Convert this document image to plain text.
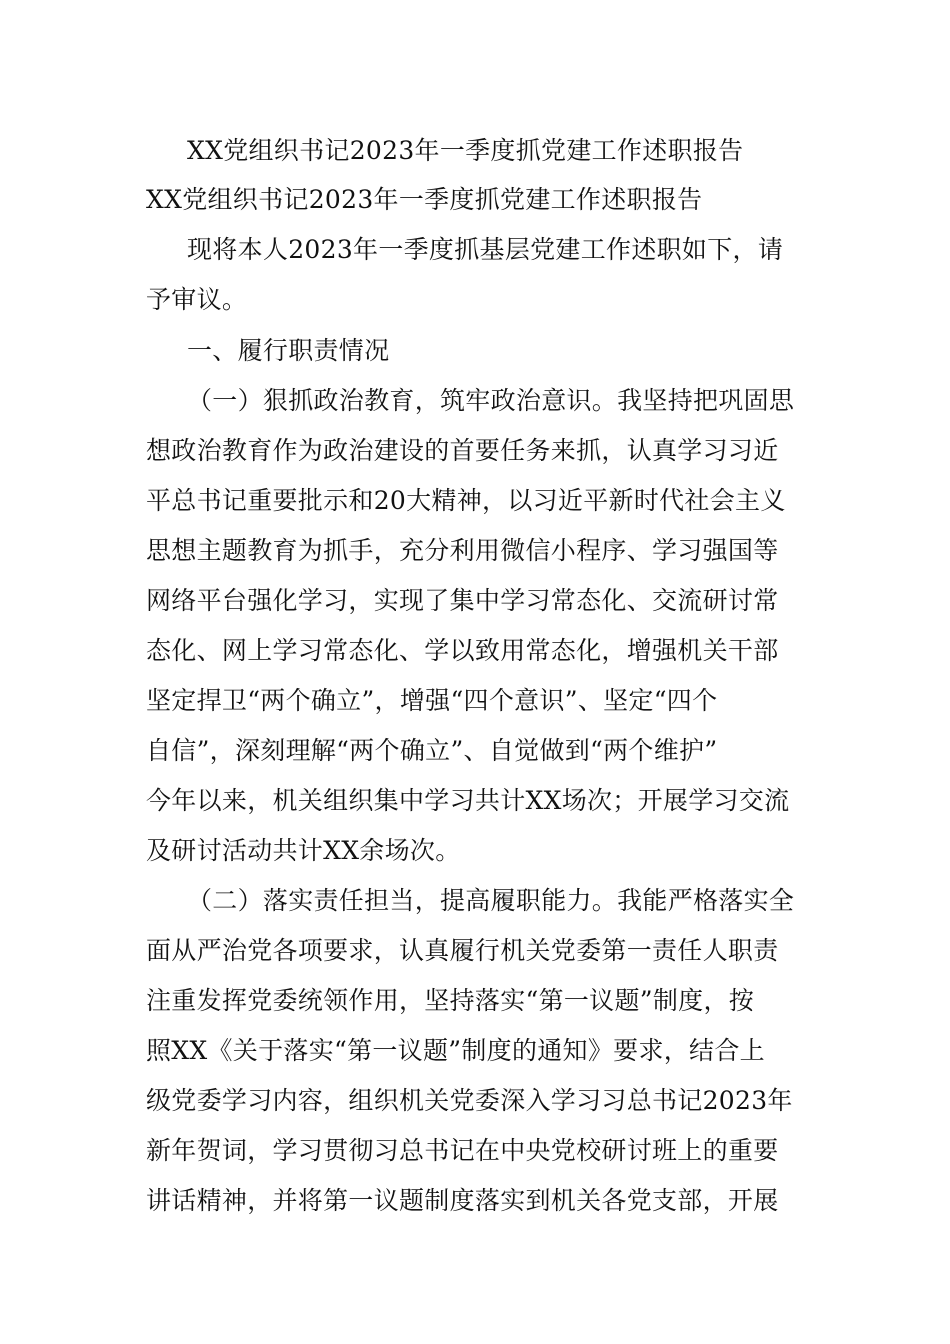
XX党组织书记2023年一季度抓党建工作述职报告
XX党组织书记2023年一季度抓党建工作述职报告
现将本人2023年一季度抓基层党建工作述职如下，请
予审议。
一、履行职责情况
（一）狠抓政治教育，筑牢政治意识。我坚持把巩固思
想政治教育作为政治建设的首要任务来抓，认真学习习近
平总书记重要批示和20大精神，以习近平新时代社会主义
思想主题教育为抓手，充分利用微信小程序、学习强国等
网络平台强化学习，实现了集中学习常态化、交流研讨常
态化、网上学习常态化、学以致用常态化，增强机关干部
坚定捍卫“两个确立”，增强“四个意识”、坚定“四个
自信”，深刻理解“两个确立”、自觉做到“两个维护”
今年以来，机关组织集中学习共计XX场次；开展学习交流
及研讨活动共计XX余场次。
（二）落实责任担当，提高履职能力。我能严格落实全
面从严治党各项要求，认真履行机关党委第一责任人职责
注重发挥党委统领作用，坚持落实“第一议题”制度，按
照XX《关于落实“第一议题”制度的通知》要求，结合上
级党委学习内容，组织机关党委深入学习习总书记2023年
新年贺词，学习贯彻习总书记在中央党校研讨班上的重要
讲话精神，并将第一议题制度落实到机关各党支部，开展
